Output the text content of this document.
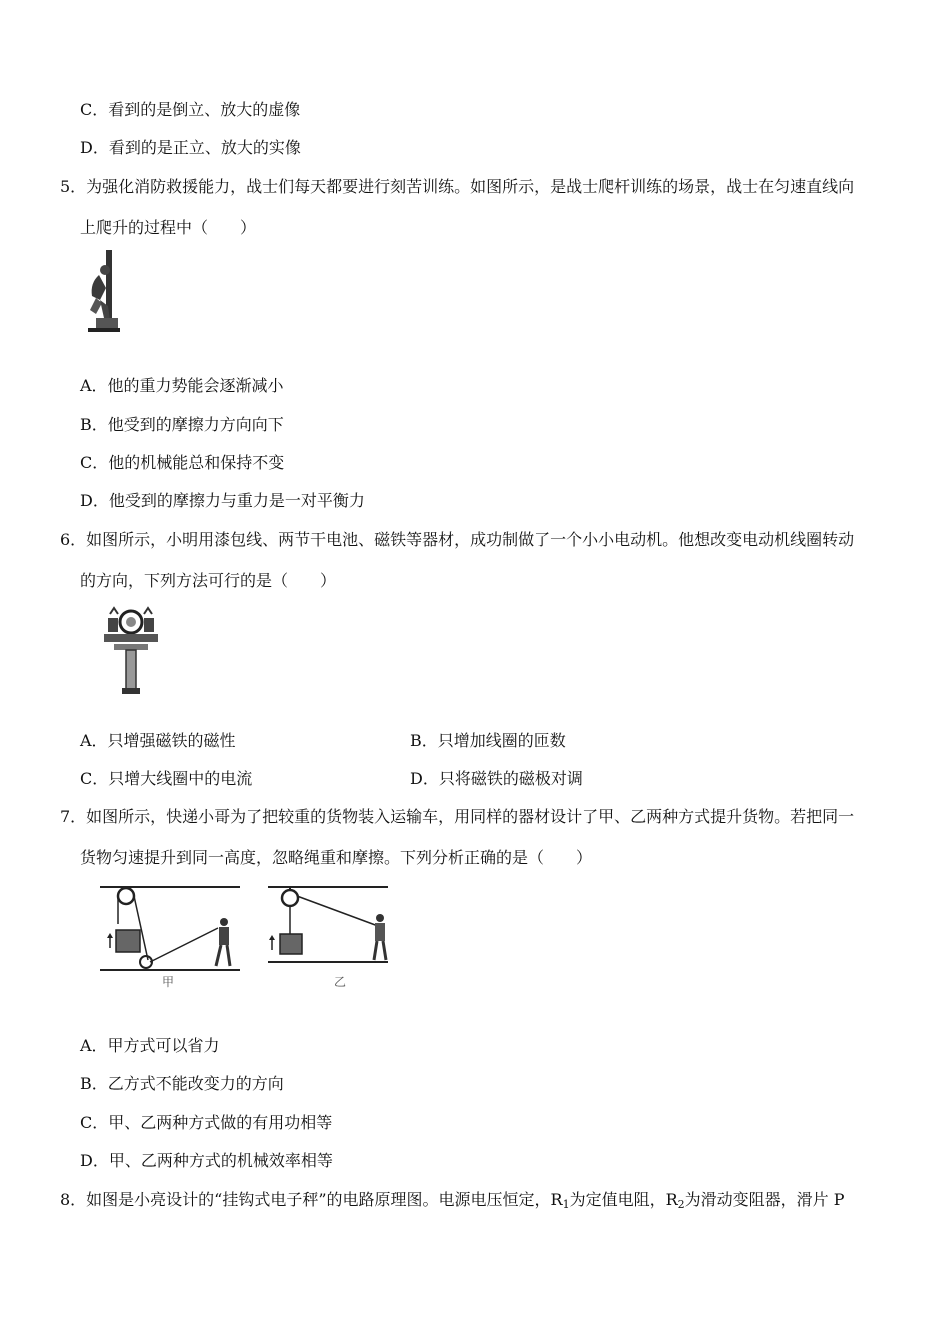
C．看到的是倒立、放大的虚像
D．看到的是正立、放大的实像
5．为强化消防救援能力，战士们每天都要进行刻苦训练。如图所示，是战士爬杆训练的场景，战士在匀速直线向
上爬升的过程中（　　）
A．他的重力势能会逐渐减小
B．他受到的摩擦力方向向下
C．他的机械能总和保持不变
D．他受到的摩擦力与重力是一对平衡力
6．如图所示，小明用漆包线、两节干电池、磁铁等器材，成功制做了一个小小电动机。他想改变电动机线圈转动
的方向，下列方法可行的是（　　）
A．只增强磁铁的磁性	B．只增加线圈的匝数
C．只增大线圈中的电流	D．只将磁铁的磁极对调
7．如图所示，快递小哥为了把较重的货物装入运输车，用同样的器材设计了甲、乙两种方式提升货物。若把同一
货物匀速提升到同一高度，忽略绳重和摩擦。下列分析正确的是（　　）
甲	乙
A．甲方式可以省力
B．乙方式不能改变力的方向
C．甲、乙两种方式做的有用功相等
D．甲、乙两种方式的机械效率相等
8．如图是小亮设计的“挂钩式电子秤”的电路原理图。电源电压恒定，$R_1$为定值电阻，$R_2$为滑动变阻器，滑片 P
